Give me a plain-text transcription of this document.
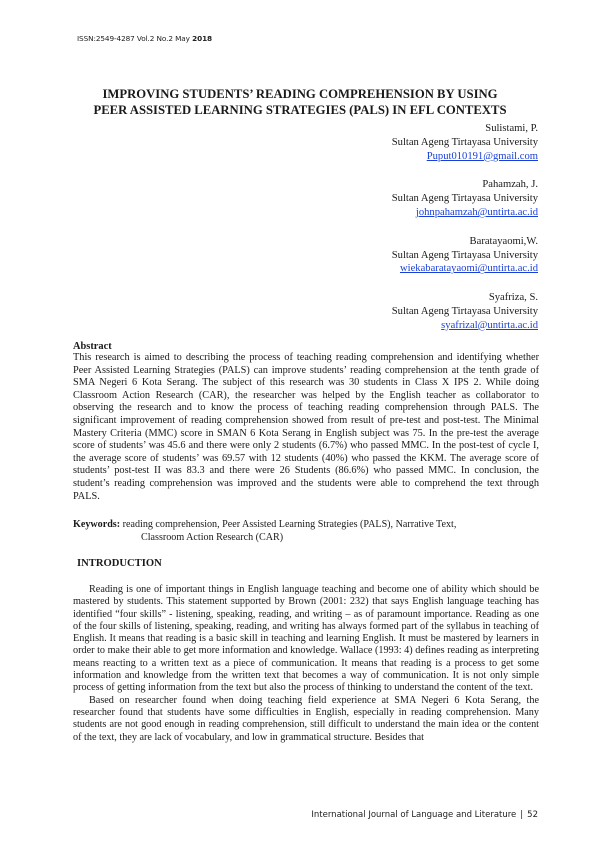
ISSN:2549-4287 Vol.2 No.2 May 2018
IMPROVING STUDENTS’ READING COMPREHENSION BY USING
PEER ASSISTED LEARNING STRATEGIES (PALS) IN EFL CONTEXTS
Sulistami, P.
Sultan Ageng Tirtayasa University
Puput010191@gmail.com
Pahamzah, J.
Sultan Ageng Tirtayasa University
johnpahamzah@untirta.ac.id
Baratayaomi,W.
Sultan Ageng Tirtayasa University
wiekabaratayaomi@untirta.ac.id
Syafriza, S.
Sultan Ageng Tirtayasa University
syafrizal@untirta.ac.id
Abstract

This research is aimed to describing the process of teaching reading comprehension and identifying whether Peer Assisted Learning Strategies (PALS) can improve students’ reading comprehension at the tenth grade of SMA Negeri 6 Kota Serang. The subject of this research was 30 students in Class X IPS 2. While doing Classroom Action Research (CAR), the researcher was helped by the English teacher as collaborator to observing the research and to know the process of teaching reading comprehension through PALS. The significant improvement of reading comprehension showed from result of pre-test and post-test. The Minimal Mastery Criteria (MMC) score in SMAN 6 Kota Serang in English subject was 75. In the pre-test the average score of students’ was 45.6 and there were only 2 students (6.7%) who passed MMC. In the post-test of cycle I, the average score of students’ was 69.57 with 12 students (40%) who passed the KKM. The average score of students’ post-test II was 83.3 and there were 26 Students (86.6%) who passed MMC. In conclusion, the student’s reading comprehension was improved and the students were able to comprehend the text through PALS.

Keywords: reading comprehension, Peer Assisted Learning Strategies (PALS), Narrative Text,
Classroom Action Research (CAR)

INTRODUCTION

Reading is one of important things in English language teaching and become one of ability which should be mastered by students. This statement supported by Brown (2001: 232) that says English language teaching has identified “four skills” - listening, speaking, reading, and writing – as of paramount importance. Reading as one of the four skills of listening, speaking, reading, and writing has always formed part of the syllabus in teaching of English. It means that reading is a basic skill in teaching and learning English. It must be mastered by learners in order to make their able to get more information and knowledge. Wallace (1993: 4) defines reading as interpreting means reacting to a written text as a piece of communication. It means that reading is a process to get some information and knowledge from the written text that becomes a way of communication. It is not only simple process of getting information from the text but also the process of thinking to understand the content of the text.

Based on researcher found when doing teaching field experience at SMA Negeri 6 Kota Serang, the researcher found that students have some difficulties in English, especially in reading comprehension. Many students are not good enough in reading comprehension, still difficult to understand the main idea or the content of the text, they are lack of vocabulary, and low in grammatical structure. Besides that

International Journal of Language and Literature | 52
